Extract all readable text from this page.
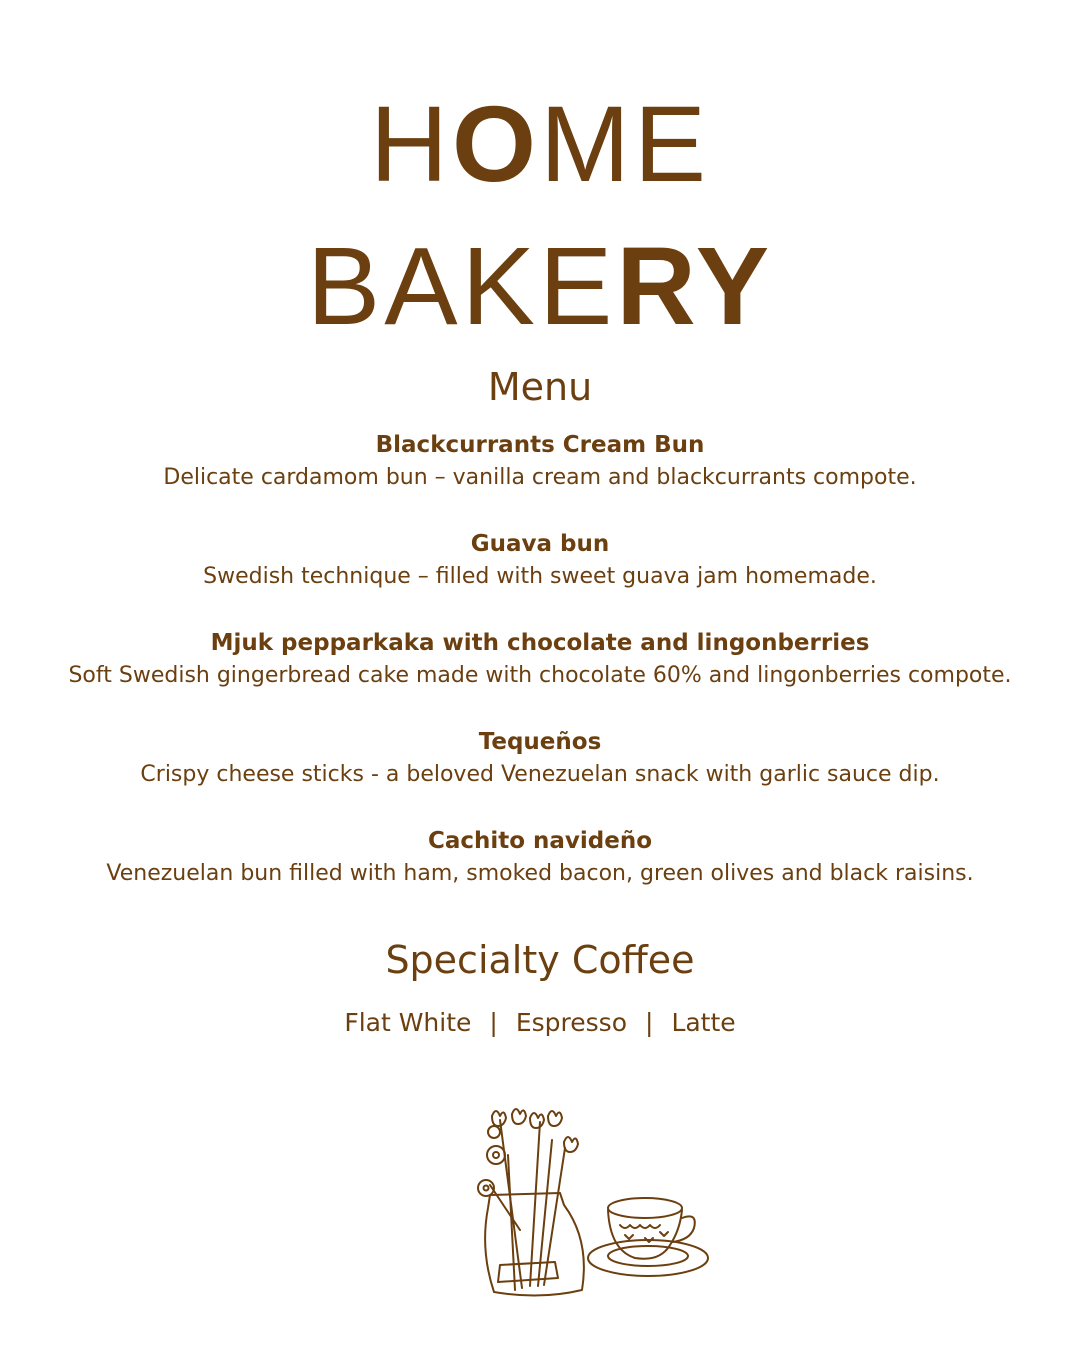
HOME
BAKERY
Menu
Blackcurrants Cream Bun
Delicate cardamom bun – vanilla cream and blackcurrants compote.
Guava bun
Swedish technique – filled with sweet guava jam homemade.
Mjuk pepparkaka with chocolate and lingonberries
Soft Swedish gingerbread cake made with chocolate 60% and lingonberries compote.
Tequeños
Crispy cheese sticks - a beloved Venezuelan snack with garlic sauce dip.
Cachito navideño
Venezuelan bun filled with ham, smoked bacon, green olives and black raisins.
Specialty Coffee
Flat White | Espresso | Latte
